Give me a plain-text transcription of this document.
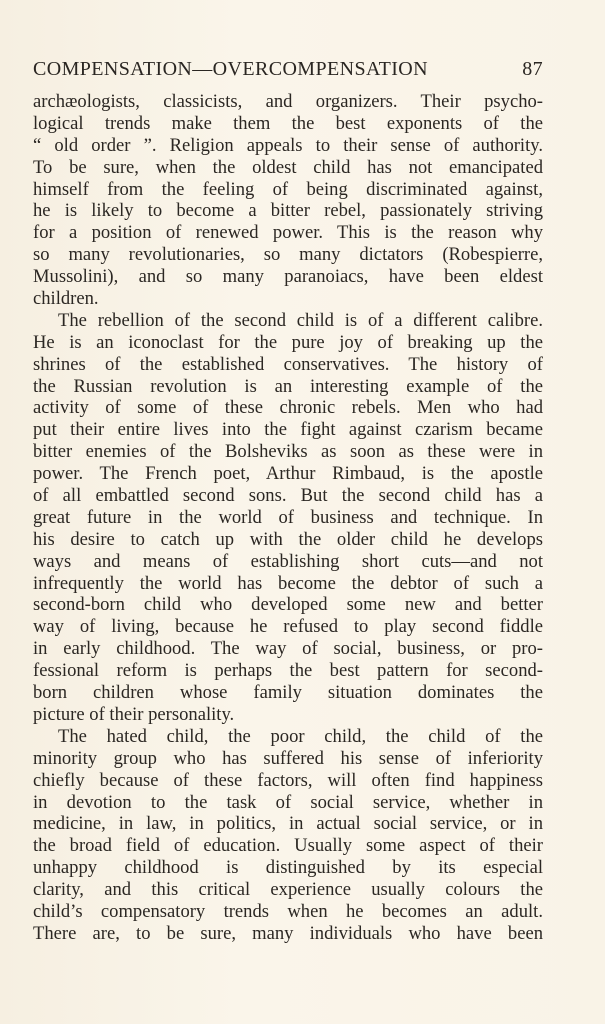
COMPENSATION—OVERCOMPENSATION	87
archæologists, classicists, and organizers. Their psycho-
logical trends make them the best exponents of the
“ old order ”. Religion appeals to their sense of authority.
To be sure, when the oldest child has not emancipated
himself from the feeling of being discriminated against,
he is likely to become a bitter rebel, passionately striving
for a position of renewed power. This is the reason why
so many revolutionaries, so many dictators (Robespierre,
Mussolini), and so many paranoiacs, have been eldest
children.
The rebellion of the second child is of a different calibre.
He is an iconoclast for the pure joy of breaking up the
shrines of the established conservatives. The history of
the Russian revolution is an interesting example of the
activity of some of these chronic rebels. Men who had
put their entire lives into the fight against czarism became
bitter enemies of the Bolsheviks as soon as these were in
power. The French poet, Arthur Rimbaud, is the apostle
of all embattled second sons. But the second child has a
great future in the world of business and technique. In
his desire to catch up with the older child he develops
ways and means of establishing short cuts—and not
infrequently the world has become the debtor of such a
second-born child who developed some new and better
way of living, because he refused to play second fiddle
in early childhood. The way of social, business, or pro-
fessional reform is perhaps the best pattern for second-
born children whose family situation dominates the
picture of their personality.
The hated child, the poor child, the child of the
minority group who has suffered his sense of inferiority
chiefly because of these factors, will often find happiness
in devotion to the task of social service, whether in
medicine, in law, in politics, in actual social service, or in
the broad field of education. Usually some aspect of their
unhappy childhood is distinguished by its especial
clarity, and this critical experience usually colours the
child’s compensatory trends when he becomes an adult.
There are, to be sure, many individuals who have been
